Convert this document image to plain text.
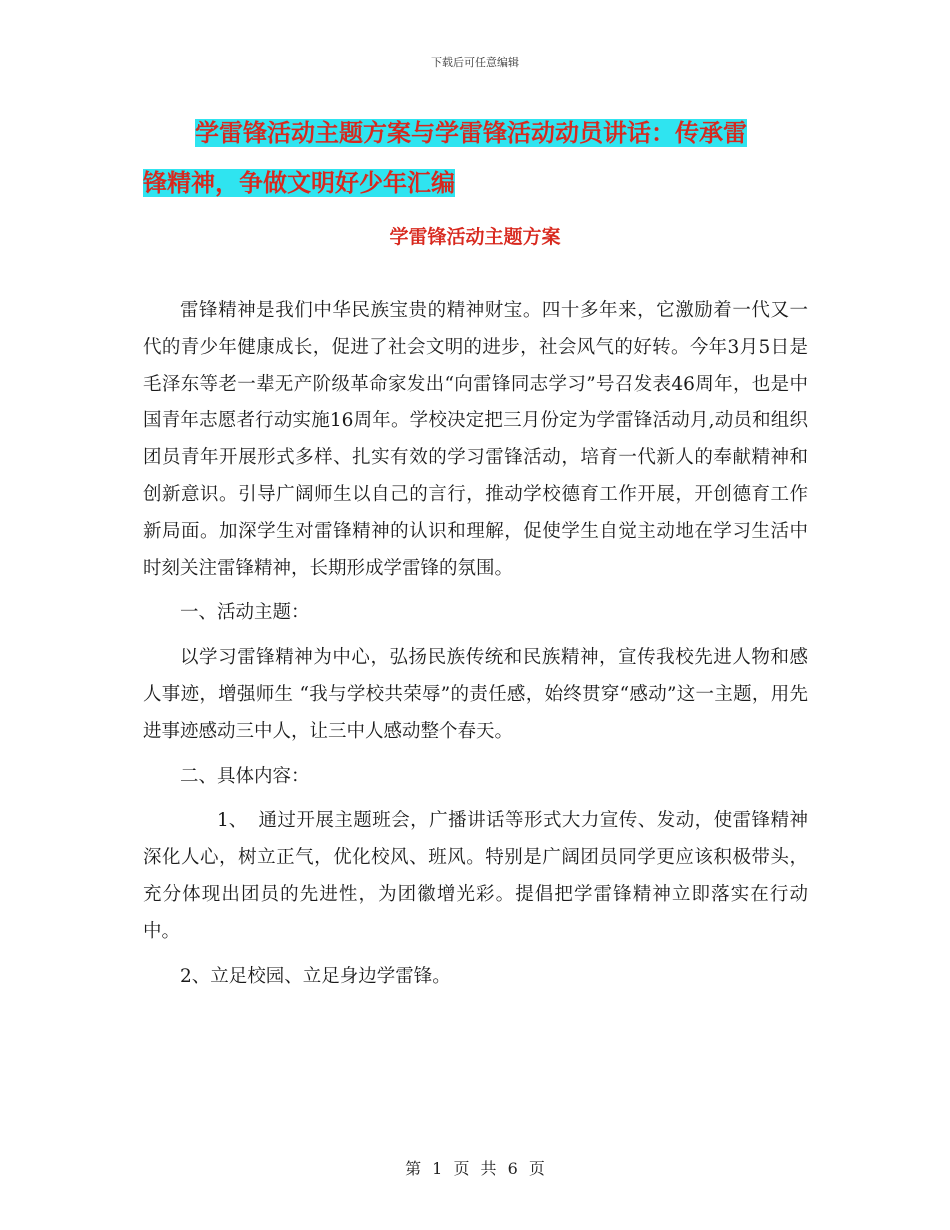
下载后可任意编辑
学雷锋活动主题方案与学雷锋活动动员讲话：传承雷
锋精神，争做文明好少年汇编
学雷锋活动主题方案

雷锋精神是我们中华民族宝贵的精神财宝。四十多年来，它激励着一代又一代的青少年健康成长，促进了社会文明的进步，社会风气的好转。今年3月5日是毛泽东等老一辈无产阶级革命家发出“向雷锋同志学习”号召发表46周年，也是中国青年志愿者行动实施16周年。学校决定把三月份定为学雷锋活动月,动员和组织团员青年开展形式多样、扎实有效的学习雷锋活动，培育一代新人的奉献精神和创新意识。引导广阔师生以自己的言行，推动学校德育工作开展，开创德育工作新局面。加深学生对雷锋精神的认识和理解，促使学生自觉主动地在学习生活中时刻关注雷锋精神，长期形成学雷锋的氛围。

一、活动主题：

以学习雷锋精神为中心，弘扬民族传统和民族精神，宣传我校先进人物和感人事迹，增强师生 “我与学校共荣辱”的责任感，始终贯穿“感动”这一主题，用先进事迹感动三中人，让三中人感动整个春天。

二、具体内容：

1、 通过开展主题班会，广播讲话等形式大力宣传、发动，使雷锋精神深化人心，树立正气，优化校风、班风。特别是广阔团员同学更应该积极带头，充分体现出团员的先进性，为团徽增光彩。提倡把学雷锋精神立即落实在行动中。

2、立足校园、立足身边学雷锋。

第 1 页 共 6 页
